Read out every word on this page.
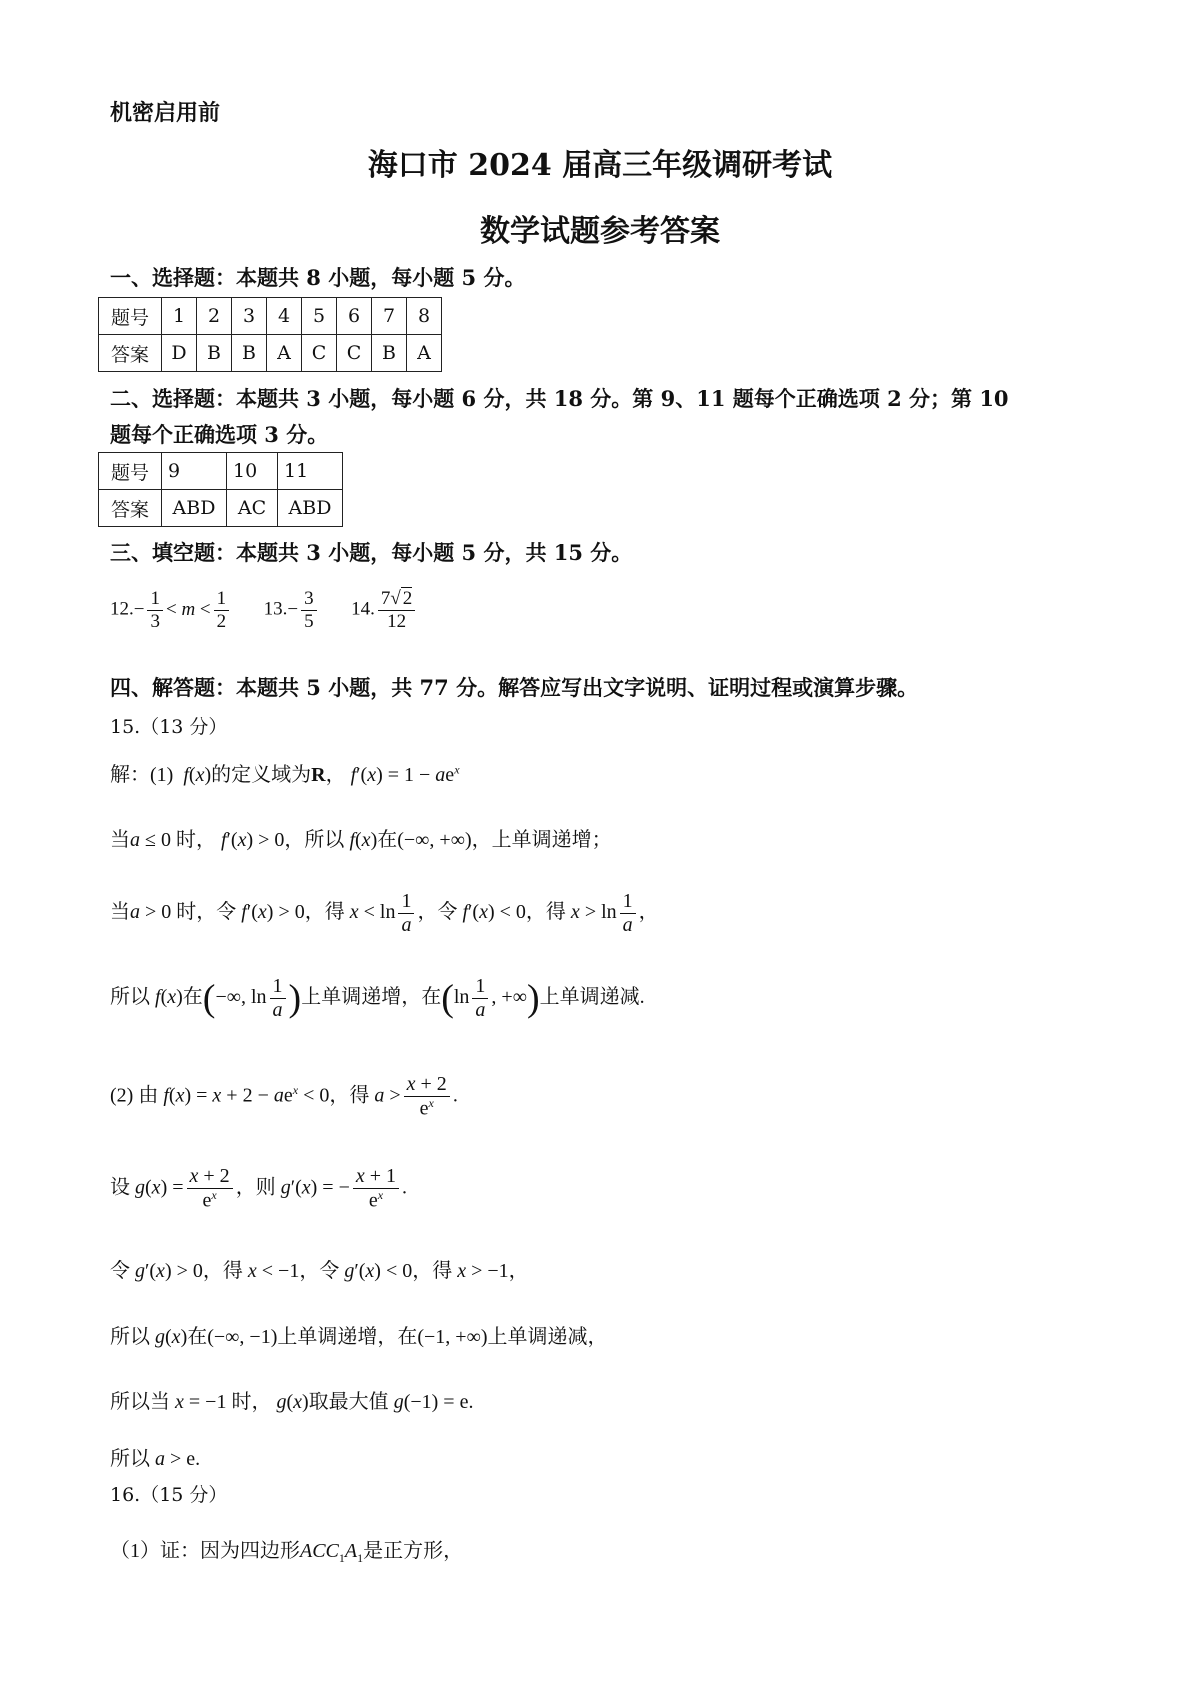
机密启用前
海口市 2024 届高三年级调研考试
数学试题参考答案
一、选择题：本题共 8 小题，每小题 5 分。
题号	1	2	3	4	5	6	7	8
答案	D	B	B	A	C	C	B	A
二、选择题：本题共 3 小题，每小题 6 分，共 18 分。第 9、11 题每个正确选项 2 分；第 10
题每个正确选项 3 分。
题号	9	10	11
答案	ABD	AC	ABD
三、填空题：本题共 3 小题，每小题 5 分，共 15 分。
$12.- \frac{1}{3} < m < \frac{1}{2} 13.- \frac{3}{5} 14$. $\frac{7√ 2}{12}$
四、解答题：本题共 5 小题，共 77 分。解答应写出文字说明、证明过程或演算步骤。
15.（13 分）
解：(1)  f(x)的定义域为R， $f'(x) = 1 - ae^x$
当a ≤ 0 时， f′(x) > 0，所以 f(x)在(−∞, +∞)，上单调递增；
当a > 0 时，令 f′(x) > 0，得 $x < \ln \frac{1}{a}$ ，令 f′(x) < 0，得 $x > \ln \frac{1}{a}$ ，
所以 f(x)在(−∞, $\ln \frac{1}{a}$ )上单调递增，在($\ln \frac{1}{a}$ , +∞)上单调递减.
(2) 由 $f(x) = x + 2 - ae^x < 0$，得 $a > \frac{x + 2}{e^x}$ .
设 $g(x) = \frac{x + 2}{e^x}$ ，则 g′(x) = − $\frac{x + 1}{e^x}$ .
令 g′(x) > 0，得 x < −1，令 g′(x) < 0，得 x > −1，
所以 g(x)在(−∞, −1)上单调递增，在(−1, +∞)上单调递减，
所以当 x = −1 时， g(x)取最大值 g(−1) = e.
所以 a > e.
16.（15 分）
（1）证：因为四边形$ACC_1A_1$是正方形，
